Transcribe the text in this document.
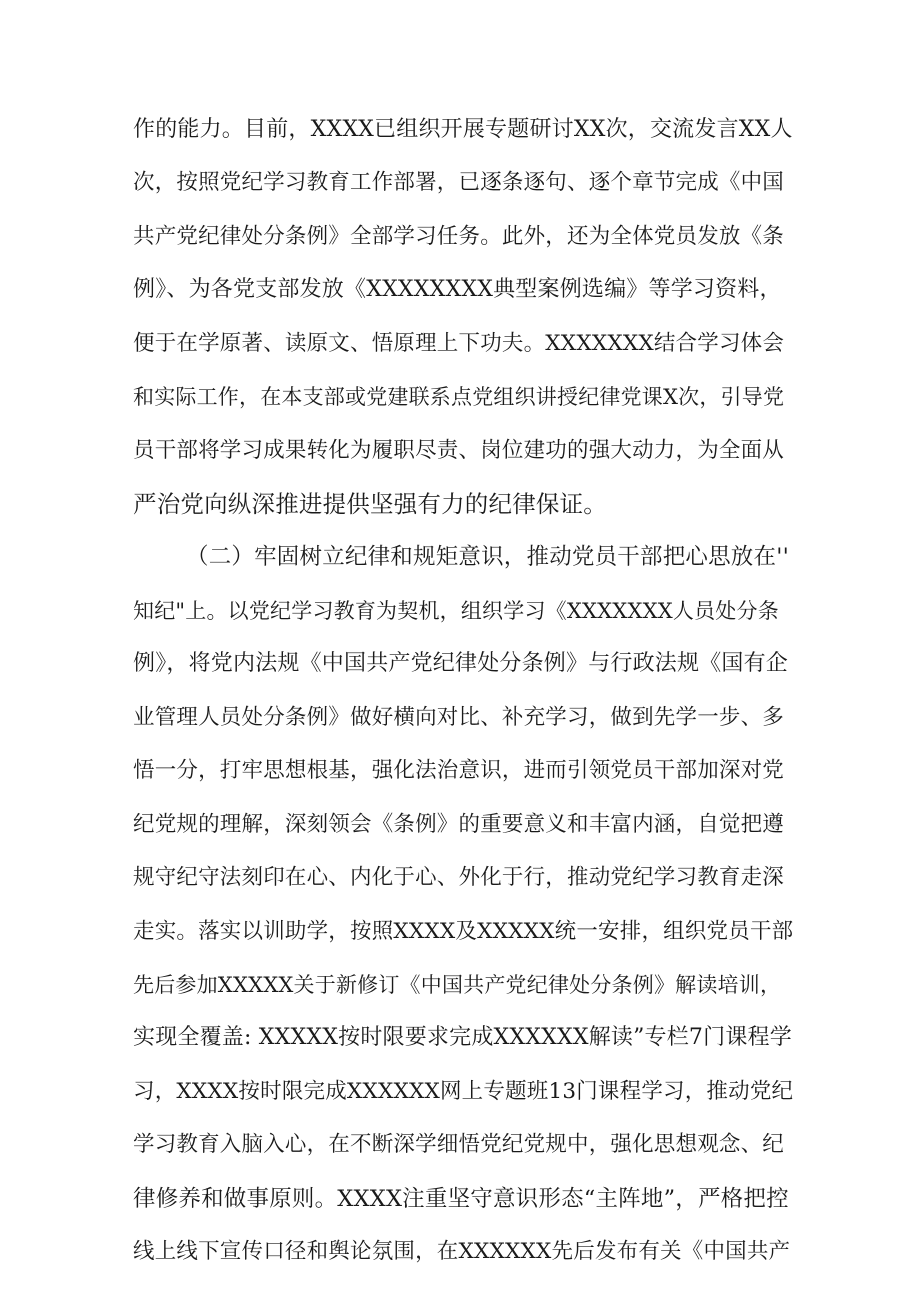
作的能力。目前，XXXX已组织开展专题研讨XX次，交流发言XX人
次，按照党纪学习教育工作部署，已逐条逐句、逐个章节完成《中国
共产党纪律处分条例》全部学习任务。此外，还为全体党员发放《条
例》、为各党支部发放《XXXXXXXX典型案例选编》等学习资料，
便于在学原著、读原文、悟原理上下功夫。XXXXXXX结合学习体会
和实际工作，在本支部或党建联系点党组织讲授纪律党课X次，引导党
员干部将学习成果转化为履职尽责、岗位建功的强大动力，为全面从
严治党向纵深推进提供坚强有力的纪律保证。
（二）牢固树立纪律和规矩意识，推动党员干部把心思放在''
知纪"上。以党纪学习教育为契机，组织学习《XXXXXXX人员处分条
例》，将党内法规《中国共产党纪律处分条例》与行政法规《国有企
业管理人员处分条例》做好横向对比、补充学习，做到先学一步、多
悟一分，打牢思想根基，强化法治意识，进而引领党员干部加深对党
纪党规的理解，深刻领会《条例》的重要意义和丰富内涵，自觉把遵
规守纪守法刻印在心、内化于心、外化于行，推动党纪学习教育走深
走实。落实以训助学，按照XXXX及XXXXX统一安排，组织党员干部
先后参加XXXXX关于新修订《中国共产党纪律处分条例》解读培训，
实现全覆盖: XXXXX按时限要求完成XXXXXX解读”专栏7门课程学
习，XXXX按时限完成XXXXXX网上专题班13门课程学习，推动党纪
学习教育入脑入心，在不断深学细悟党纪党规中，强化思想观念、纪
律修养和做事原则。XXXX注重坚守意识形态“主阵地”，严格把控
线上线下宣传口径和舆论氛围，在XXXXXX先后发布有关《中国共产
